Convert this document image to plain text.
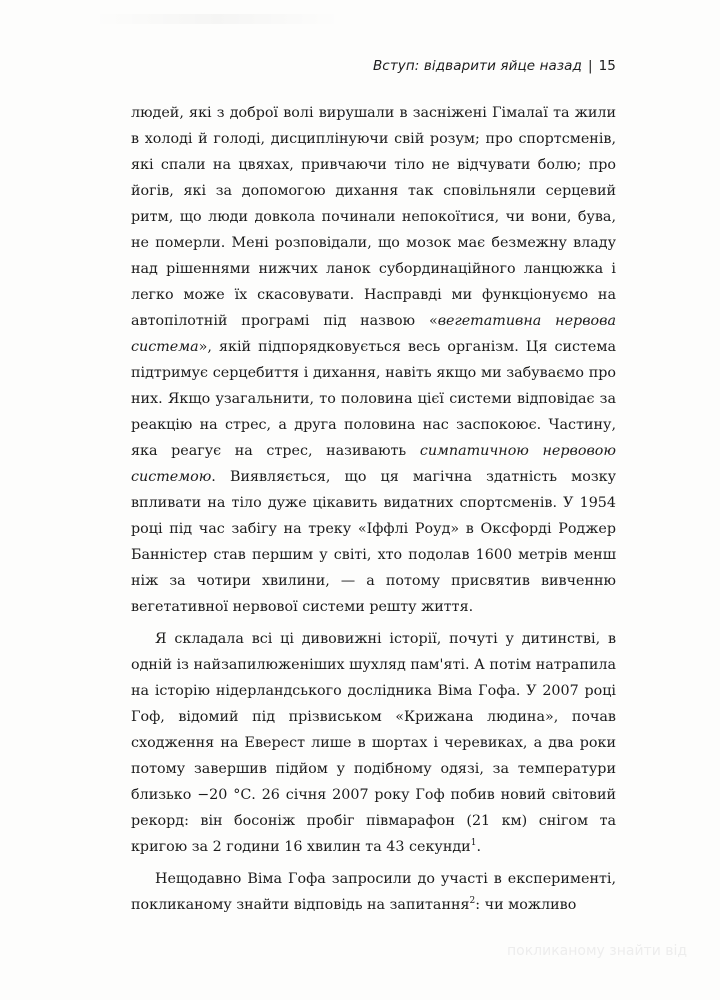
Вступ: відварити яйце назад | 15

людей, які з доброї волі вирушали в засніжені Гімалаї та жили в холоді й голоді, дисциплінуючи свій розум; про спортсменів, які спали на цвяхах, привчаючи тіло не відчувати болю; про йогів, які за допомогою дихання так сповільняли серцевий ритм, що люди довкола починали непокоїтися, чи вони, бува, не померли. Мені розповідали, що мозок має безмежну владу над рішеннями нижчих ланок субординаційного ланцюжка і легко може їх скасовувати. Насправді ми функціонуємо на автопілотній програмі під назвою «вегетативна нервова система», якій підпорядковується весь організм. Ця система підтримує серцебиття і дихання, навіть якщо ми забуваємо про них. Якщо узагальнити, то половина цієї системи відповідає за реакцію на стрес, а друга половина нас заспокоює. Частину, яка реагує на стрес, називають симпатичною нервовою системою. Виявляється, що ця магічна здатність мозку впливати на тіло дуже цікавить видатних спортсменів. У 1954 році під час забігу на треку «Іффлі Роуд» в Оксфорді Роджер Банністер став першим у світі, хто подолав 1600 метрів менш ніж за чотири хвилини, — а потому присвятив вивченню вегетативної нервової системи решту життя.

Я складала всі ці дивовижні історії, почуті у дитинстві, в одній із найзапилюженіших шухляд пам'яті. А потім натрапила на історію нідерландського дослідника Віма Гофа. У 2007 році Гоф, відомий під прізвиськом «Крижана людина», почав сходження на Еверест лише в шортах і черевиках, а два роки потому завершив підйом у подібному одязі, за температури близько −20 °С. 26 січня 2007 року Гоф побив новий світовий рекорд: він босоніж пробіг півмарафон (21 км) снігом та кригою за 2 години 16 хвилин та 43 секунди$^1$.

Нещодавно Віма Гофа запросили до участі в експерименті, покликаному знайти відповідь на запитання$^2$: чи можливо

покликаному знайти від
